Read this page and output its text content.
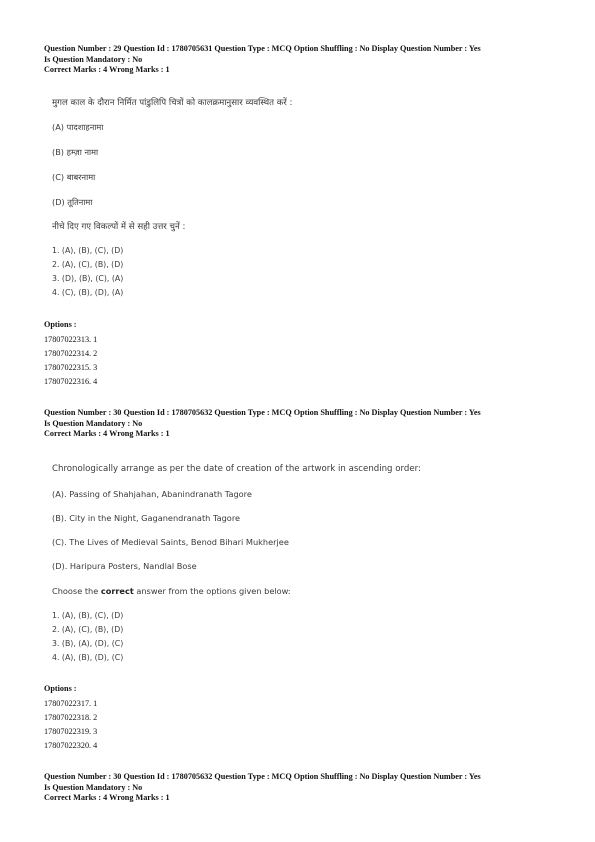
Question Number : 29 Question Id : 1780705631 Question Type : MCQ Option Shuffling : No Display Question Number : Yes
Is Question Mandatory : No
Correct Marks : 4 Wrong Marks : 1
मुगल काल के दौरान निर्मित पांडुलिपि चित्रों को कालक्रमानुसार व्यवस्थित करें :
(A) पादशाहनामा
(B) हम्ज़ा नामा
(C) बाबरनामा
(D) तूतिनामा
नीचे दिए गए विकल्पों में से सही उत्तर चुनें :
1. (A), (B), (C), (D)
2. (A), (C), (B), (D)
3. (D), (B), (C), (A)
4. (C), (B), (D), (A)
Options :
17807022313. 1
17807022314. 2
17807022315. 3
17807022316. 4
Question Number : 30 Question Id : 1780705632 Question Type : MCQ Option Shuffling : No Display Question Number : Yes
Is Question Mandatory : No
Correct Marks : 4 Wrong Marks : 1
Chronologically arrange as per the date of creation of the artwork in ascending order:
(A). Passing of Shahjahan, Abanindranath Tagore
(B). City in the Night, Gaganendranath Tagore
(C). The Lives of Medieval Saints, Benod Bihari Mukherjee
(D). Haripura Posters, Nandlal Bose
Choose the correct answer from the options given below:
1. (A), (B), (C), (D)
2. (A), (C), (B), (D)
3. (B), (A), (D), (C)
4. (A), (B), (D), (C)
Options :
17807022317. 1
17807022318. 2
17807022319. 3
17807022320. 4
Question Number : 30 Question Id : 1780705632 Question Type : MCQ Option Shuffling : No Display Question Number : Yes
Is Question Mandatory : No
Correct Marks : 4 Wrong Marks : 1
